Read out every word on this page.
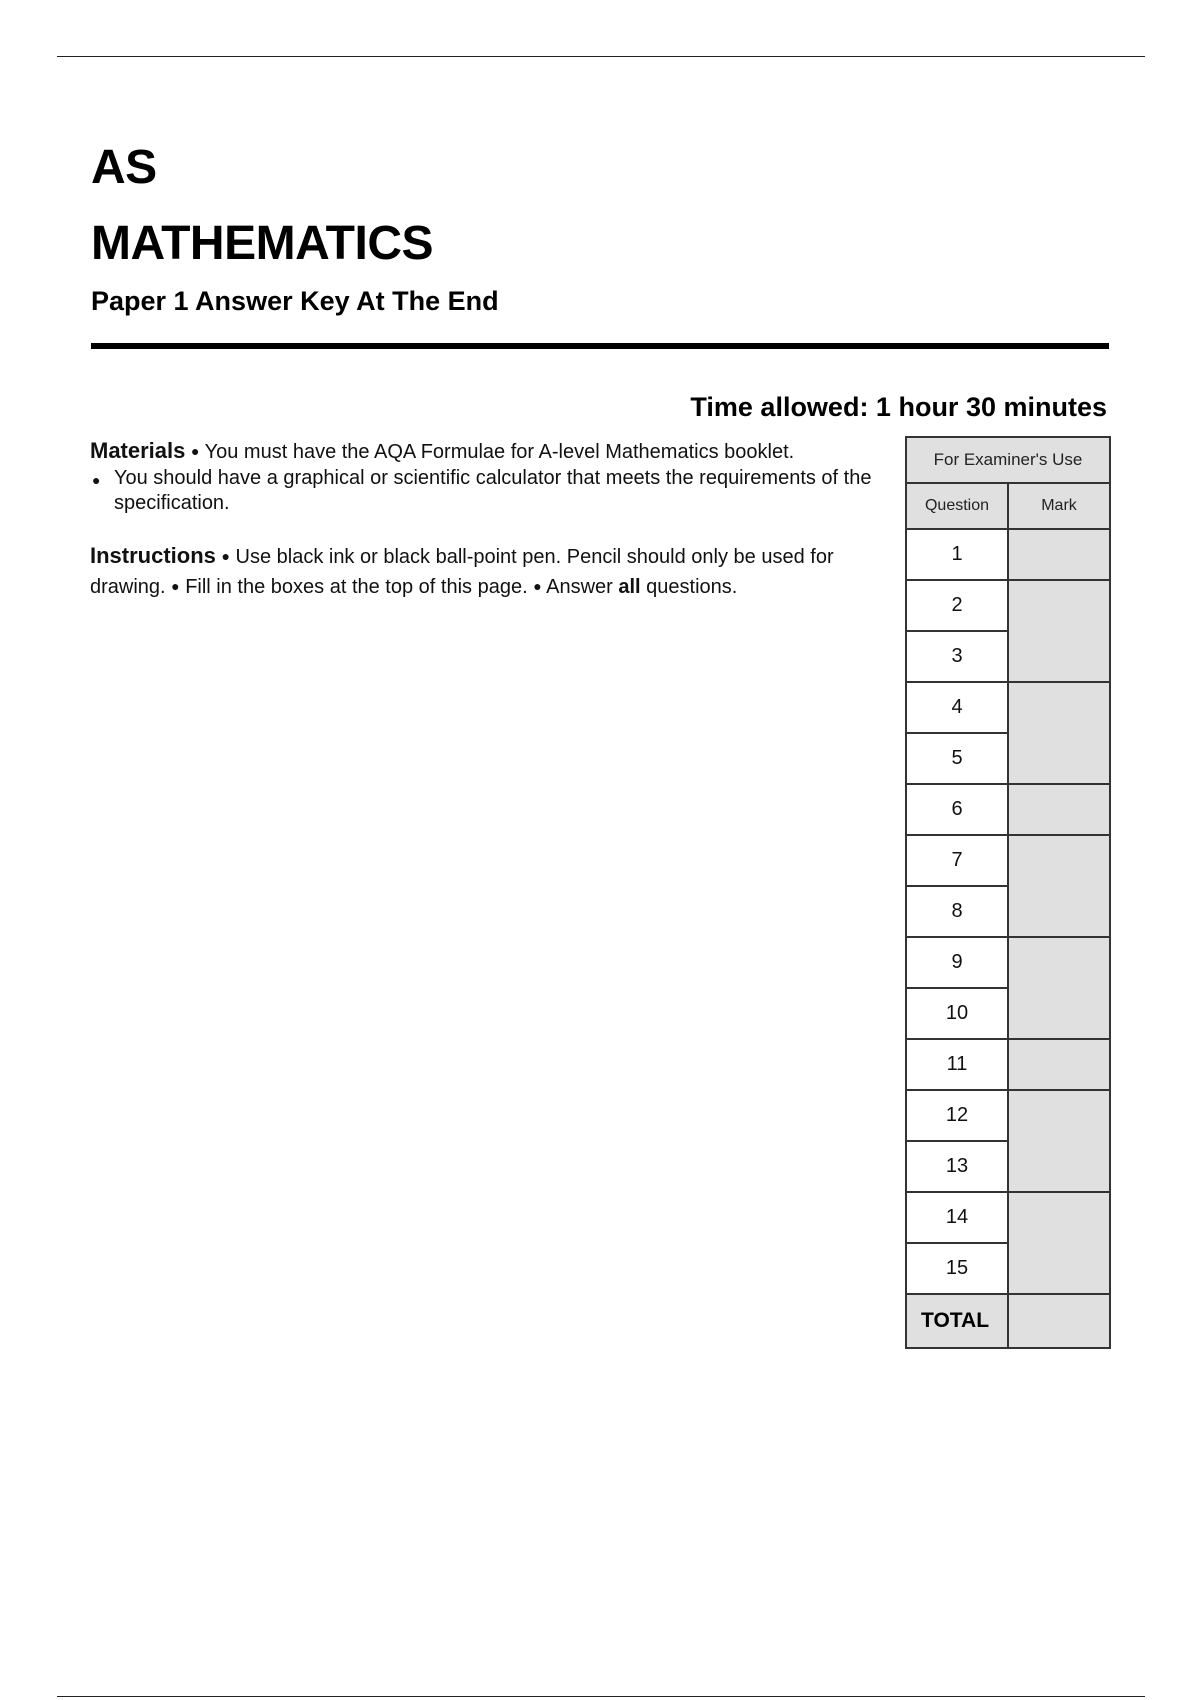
AS
MATHEMATICS
Paper 1 Answer Key At The End
Time allowed: 1 hour 30 minutes
Materials ● You must have the AQA Formulae for A-level Mathematics booklet.
● You should have a graphical or scientific calculator that meets the requirements of the specification.
Instructions ● Use black ink or black ball-point pen. Pencil should only be used for drawing. ● Fill in the boxes at the top of this page. ● Answer all questions.
For Examiner's Use	
Question	Mark
1	
2	
3	
4	
5	
6	
7	
8	
9	
10	
11	
12	
13	
14	
15	
TOTAL	
